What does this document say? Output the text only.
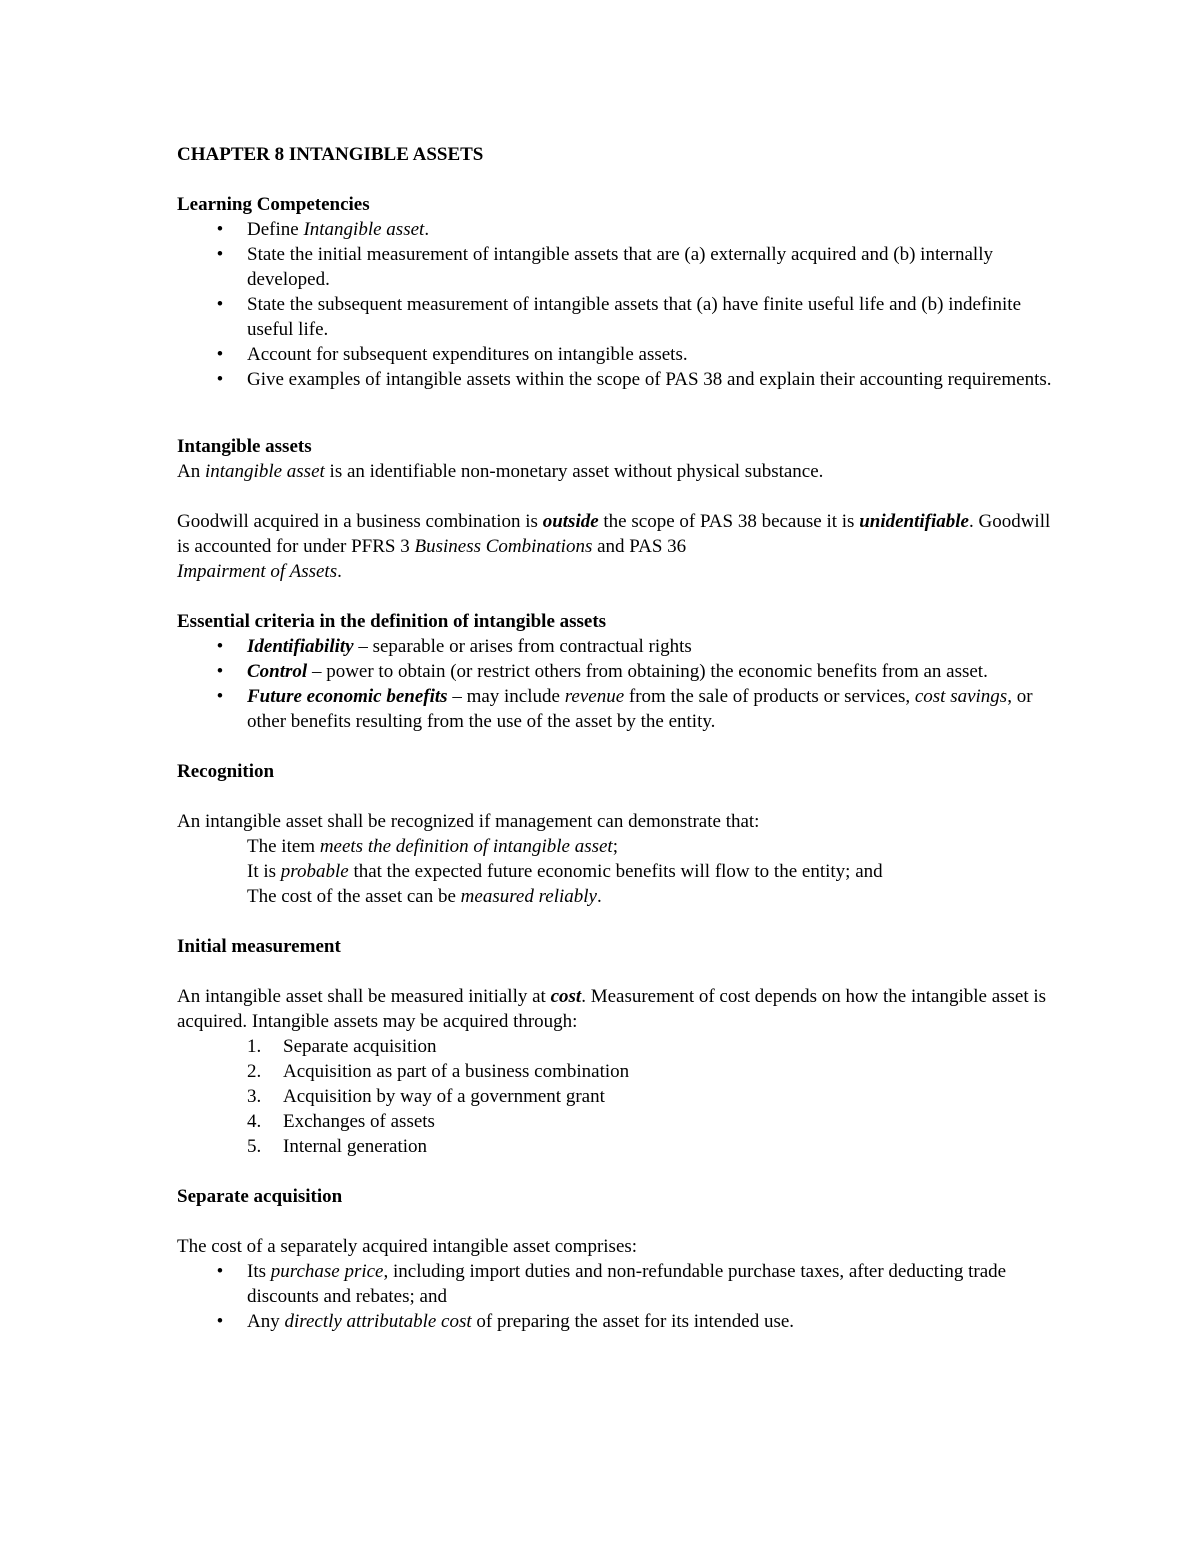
CHAPTER 8 INTANGIBLE ASSETS
Learning Competencies
• Define Intangible asset.
• State the initial measurement of intangible assets that are (a) externally acquired and (b) internally developed.
• State the subsequent measurement of intangible assets that (a) have finite useful life and (b) indefinite useful life.
• Account for subsequent expenditures on intangible assets.
• Give examples of intangible assets within the scope of PAS 38 and explain their accounting requirements.
Intangible assets

An intangible asset is an identifiable non-monetary asset without physical substance.

Goodwill acquired in a business combination is outside the scope of PAS 38 because it is unidentifiable. Goodwill is accounted for under PFRS 3 Business Combinations and PAS 36
Impairment of Assets.

Essential criteria in the definition of intangible assets
• Identifiability – separable or arises from contractual rights
• Control – power to obtain (or restrict others from obtaining) the economic benefits from an asset.
• Future economic benefits – may include revenue from the sale of products or services, cost savings, or other benefits resulting from the use of the asset by the entity.
Recognition

An intangible asset shall be recognized if management can demonstrate that:

The item meets the definition of intangible asset;
It is probable that the expected future economic benefits will flow to the entity; and
The cost of the asset can be measured reliably.
Initial measurement

An intangible asset shall be measured initially at cost. Measurement of cost depends on how the intangible asset is acquired. Intangible assets may be acquired through:

1. Separate acquisition
2. Acquisition as part of a business combination
3. Acquisition by way of a government grant
4. Exchanges of assets
5. Internal generation
Separate acquisition

The cost of a separately acquired intangible asset comprises:

• Its purchase price, including import duties and non-refundable purchase taxes, after deducting trade discounts and rebates; and
• Any directly attributable cost of preparing the asset for its intended use.
